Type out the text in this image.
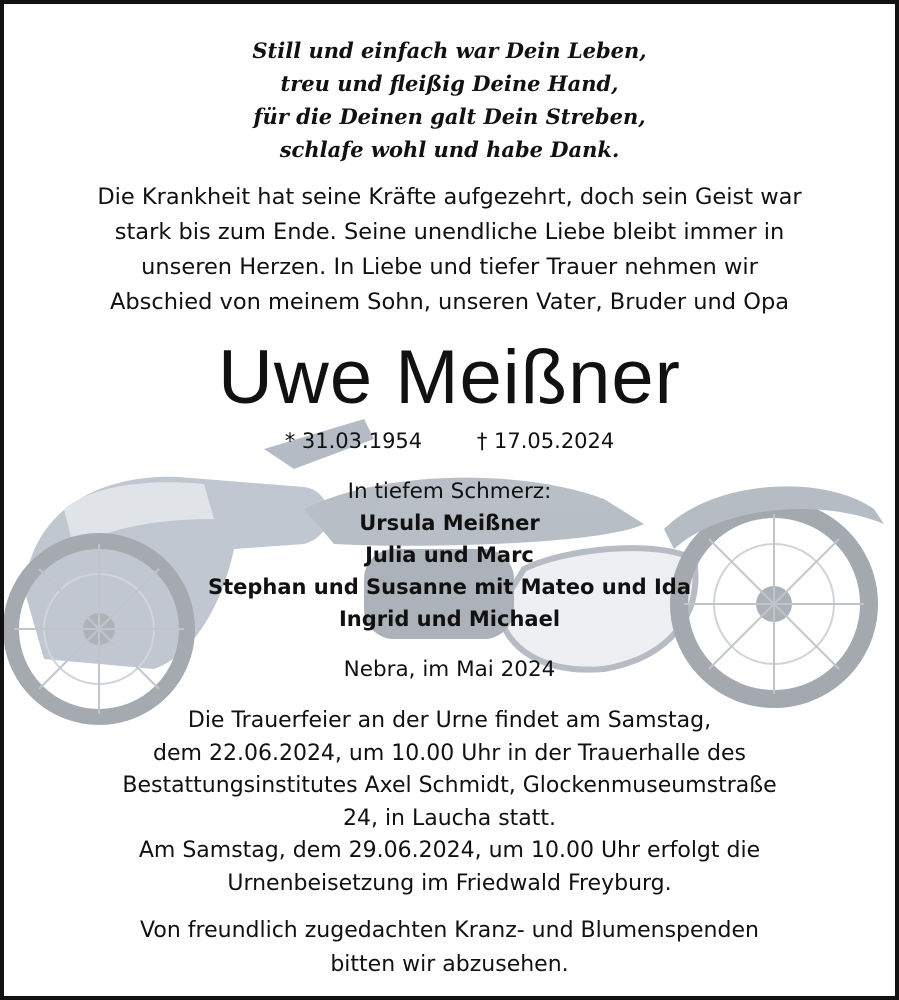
Still und einfach war Dein Leben,
treu und fleißig Deine Hand,
für die Deinen galt Dein Streben,
schlafe wohl und habe Dank.
Die Krankheit hat seine Kräfte aufgezehrt, doch sein Geist war
stark bis zum Ende. Seine unendliche Liebe bleibt immer in
unseren Herzen. In Liebe und tiefer Trauer nehmen wir
Abschied von meinem Sohn, unseren Vater, Bruder und Opa
Uwe Meißner
* 31.03.1954	† 17.05.2024
In tiefem Schmerz:
Ursula Meißner
Julia und Marc
Stephan und Susanne mit Mateo und Ida
Ingrid und Michael
Nebra, im Mai 2024
Die Trauerfeier an der Urne findet am Samstag,
dem 22.06.2024, um 10.00 Uhr in der Trauerhalle des
Bestattungsinstitutes Axel Schmidt, Glockenmuseumstraße
24, in Laucha statt.
Am Samstag, dem 29.06.2024, um 10.00 Uhr erfolgt die
Urnenbeisetzung im Friedwald Freyburg.
Von freundlich zugedachten Kranz- und Blumenspenden
bitten wir abzusehen.
